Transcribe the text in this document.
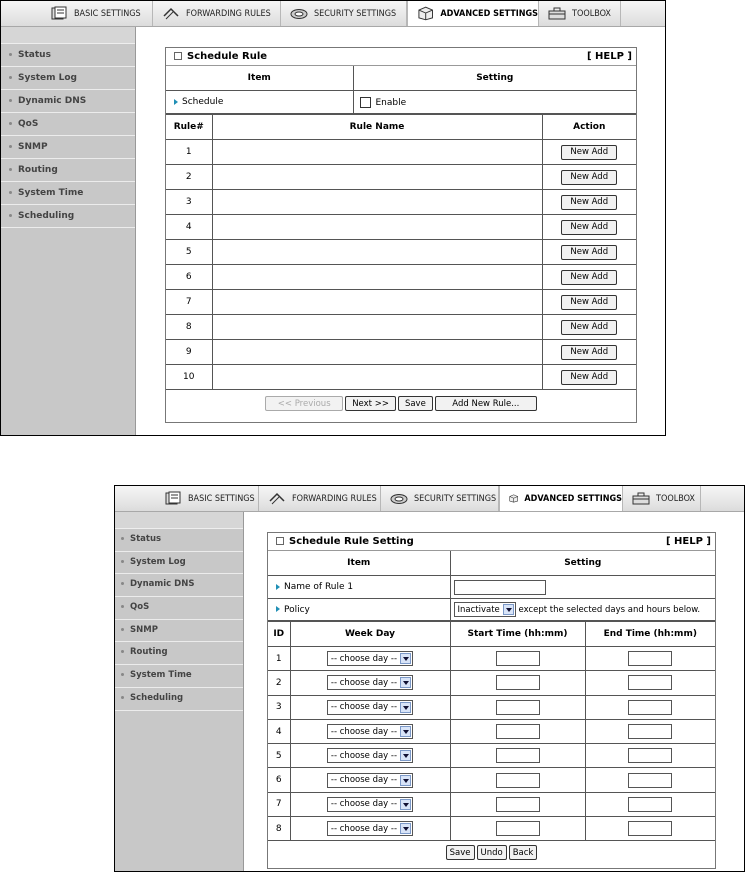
BASIC SETTINGS	FORWARDING RULES	SECURITY SETTINGS	ADVANCED SETTINGS	TOOLBOX
Status
System Log
Dynamic DNS
QoS
SNMP
Routing
System Time
Scheduling
Schedule Rule	[ HELP ]
Item	Setting
Schedule	Enable
Rule#	Rule Name	Action
1		New Add
2		New Add
3		New Add
4		New Add
5		New Add
6		New Add
7		New Add
8		New Add
9		New Add
10		New Add
<< Previous	Next >> Save	Add New Rule...
BASIC SETTINGS	FORWARDING RULES	SECURITY SETTINGS	ADVANCED SETTINGS	TOOLBOX
Status
System Log
Dynamic DNS
QoS
SNMP
Routing
System Time
Scheduling
Schedule Rule Setting	[ HELP ]
Item	Setting
Name of Rule 1	
Policy	Inactivate except the selected days and hours below.
ID	Week Day	Start Time (hh:mm)	End Time (hh:mm)
1	-- choose day --		

2	-- choose day --		

3	-- choose day --		

4	-- choose day --		

5	-- choose day --		

6	-- choose day --		

7	-- choose day --		

8	-- choose day --		

Save Undo Back
